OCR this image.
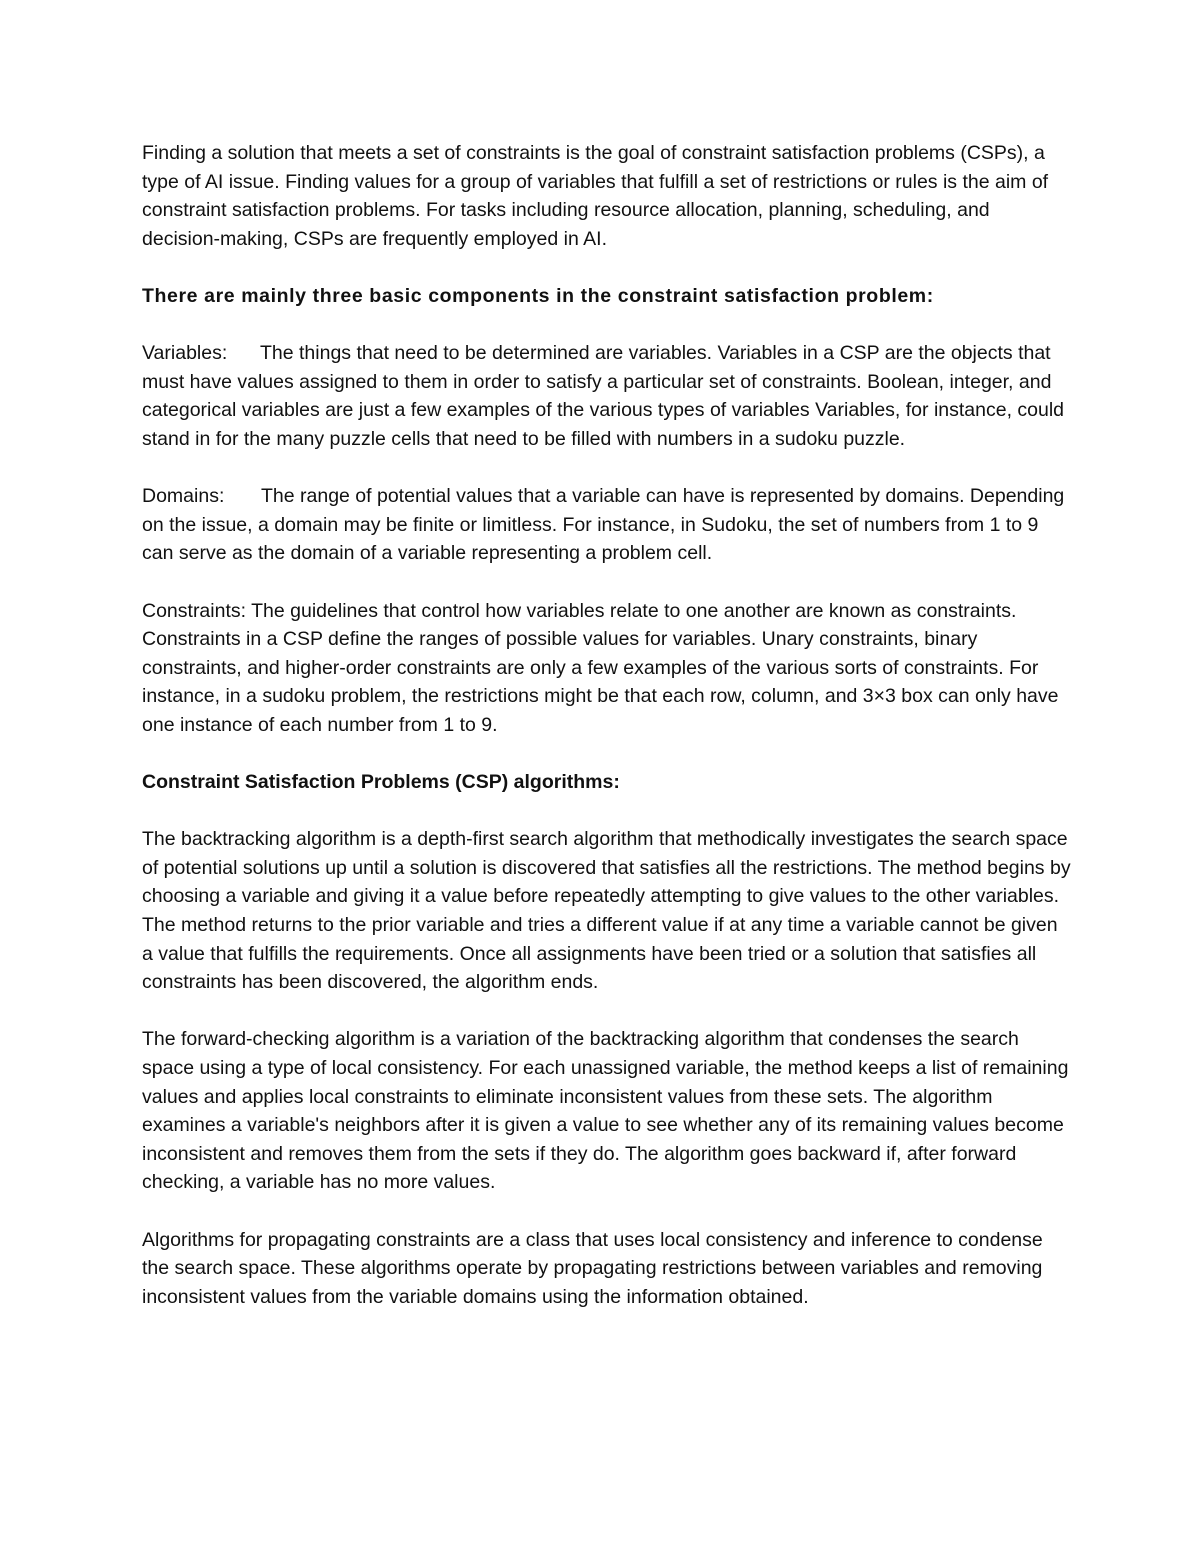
Finding a solution that meets a set of constraints is the goal of constraint satisfaction problems (CSPs), a type of AI issue. Finding values for a group of variables that fulfill a set of restrictions or rules is the aim of constraint satisfaction problems. For tasks including resource allocation, planning, scheduling, and decision-making, CSPs are frequently employed in AI.

There are mainly three basic components in the constraint satisfaction problem:

Variables: The things that need to be determined are variables. Variables in a CSP are the objects that must have values assigned to them in order to satisfy a particular set of constraints. Boolean, integer, and categorical variables are just a few examples of the various types of variables Variables, for instance, could stand in for the many puzzle cells that need to be filled with numbers in a sudoku puzzle.

Domains: The range of potential values that a variable can have is represented by domains. Depending on the issue, a domain may be finite or limitless. For instance, in Sudoku, the set of numbers from 1 to 9 can serve as the domain of a variable representing a problem cell.

Constraints: The guidelines that control how variables relate to one another are known as constraints. Constraints in a CSP define the ranges of possible values for variables. Unary constraints, binary constraints, and higher-order constraints are only a few examples of the various sorts of constraints. For instance, in a sudoku problem, the restrictions might be that each row, column, and 3×3 box can only have one instance of each number from 1 to 9.

Constraint Satisfaction Problems (CSP) algorithms:

The backtracking algorithm is a depth-first search algorithm that methodically investigates the search space of potential solutions up until a solution is discovered that satisfies all the restrictions. The method begins by choosing a variable and giving it a value before repeatedly attempting to give values to the other variables. The method returns to the prior variable and tries a different value if at any time a variable cannot be given a value that fulfills the requirements. Once all assignments have been tried or a solution that satisfies all constraints has been discovered, the algorithm ends.

The forward-checking algorithm is a variation of the backtracking algorithm that condenses the search space using a type of local consistency. For each unassigned variable, the method keeps a list of remaining values and applies local constraints to eliminate inconsistent values from these sets. The algorithm examines a variable's neighbors after it is given a value to see whether any of its remaining values become inconsistent and removes them from the sets if they do. The algorithm goes backward if, after forward checking, a variable has no more values.

Algorithms for propagating constraints are a class that uses local consistency and inference to condense the search space. These algorithms operate by propagating restrictions between variables and removing inconsistent values from the variable domains using the information obtained.
